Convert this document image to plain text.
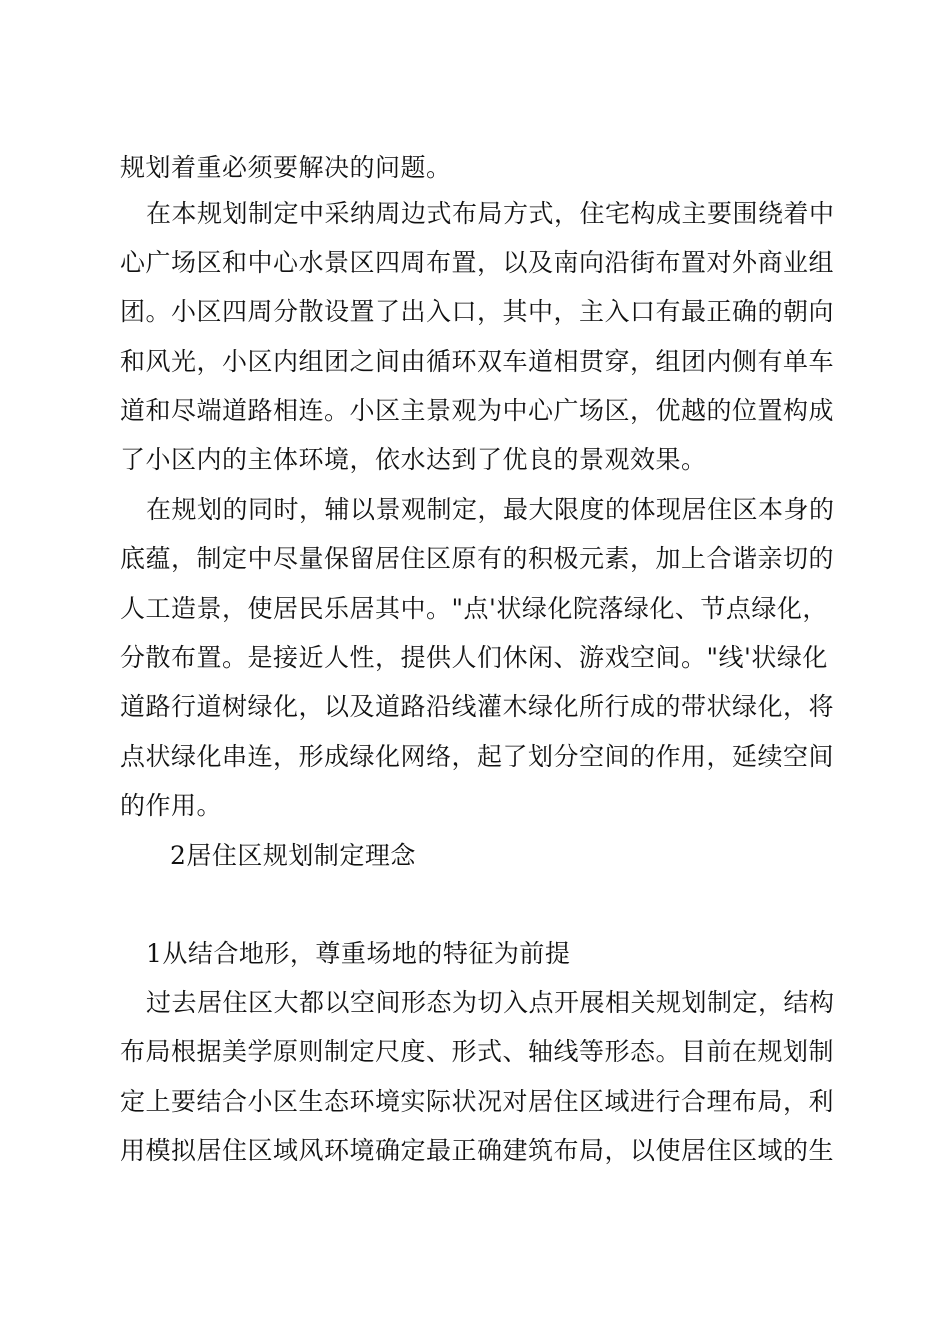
规划着重必须要解决的问题。
在本规划制定中采纳周边式布局方式，住宅构成主要围绕着中
心广场区和中心水景区四周布置，以及南向沿街布置对外商业组
团。小区四周分散设置了出入口，其中，主入口有最正确的朝向
和风光，小区内组团之间由循环双车道相贯穿，组团内侧有单车
道和尽端道路相连。小区主景观为中心广场区，优越的位置构成
了小区内的主体环境，依水达到了优良的景观效果。
在规划的同时，辅以景观制定，最大限度的体现居住区本身的
底蕴，制定中尽量保留居住区原有的积极元素，加上合谐亲切的
人工造景，使居民乐居其中。"点'状绿化院落绿化、节点绿化，
分散布置。是接近人性，提供人们休闲、游戏空间。"线'状绿化
道路行道树绿化，以及道路沿线灌木绿化所行成的带状绿化，将
点状绿化串连，形成绿化网络，起了划分空间的作用，延续空间
的作用。
2居住区规划制定理念
1从结合地形，尊重场地的特征为前提
过去居住区大都以空间形态为切入点开展相关规划制定，结构
布局根据美学原则制定尺度、形式、轴线等形态。目前在规划制
定上要结合小区生态环境实际状况对居住区域进行合理布局，利
用模拟居住区域风环境确定最正确建筑布局，以使居住区域的生
